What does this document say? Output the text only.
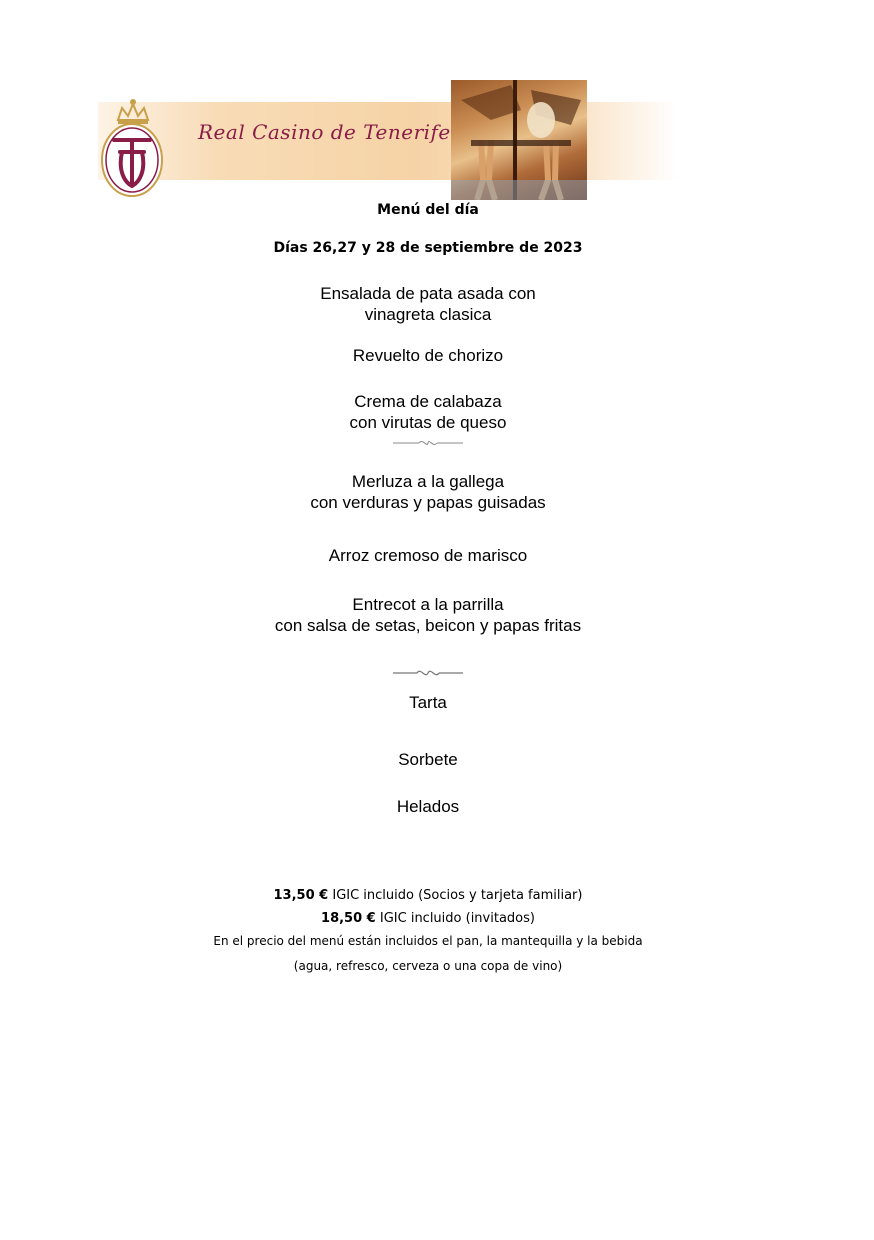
Real Casino de Tenerife
Menú del día
Días 26,27 y 28 de septiembre de 2023
Ensalada de pata asada con
vinagreta clasica
Revuelto de chorizo
Crema de calabaza
con virutas de queso
Merluza a la gallega
con verduras y papas guisadas
Arroz cremoso de marisco
Entrecot a la parrilla
con salsa de setas, beicon y papas fritas
Tarta
Sorbete
Helados
13,50 € IGIC incluido (Socios y tarjeta familiar)
18,50 € IGIC incluido (invitados)
En el precio del menú están incluidos el pan, la mantequilla y la bebida
(agua, refresco, cerveza o una copa de vino)
